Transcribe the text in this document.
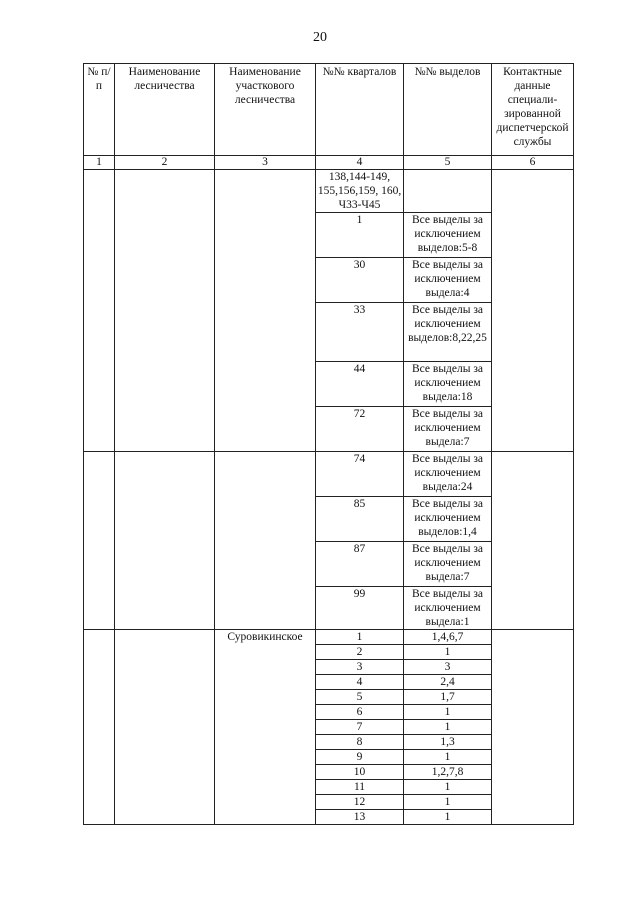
20
№ п/п	Наименование лесничества	Наименование участкового лесничества	№№ кварталов	№№ выделов	Контактные данные специали-зированной диспетчерской службы
1	2	3	4	5	6
			138,144-149, 155,156,159, 160, Ч33-Ч45		
			1	Все выделы за исключением выделов:5-8	
			30	Все выделы за исключением выдела:4	
			33	Все выделы за исключением выделов:8,22,25	
			44	Все выделы за исключением выдела:18	
			72	Все выделы за исключением выдела:7	
			74	Все выделы за исключением выдела:24	
			85	Все выделы за исключением выделов:1,4	
			87	Все выделы за исключением выдела:7	
			99	Все выделы за исключением выдела:1	
		Суровикинское	1	1,4,6,7	
			2	1	
			3	3	
			4	2,4	
			5	1,7	
			6	1	
			7	1	
			8	1,3	
			9	1	
			10	1,2,7,8	
			11	1	
			12	1	
			13	1	
